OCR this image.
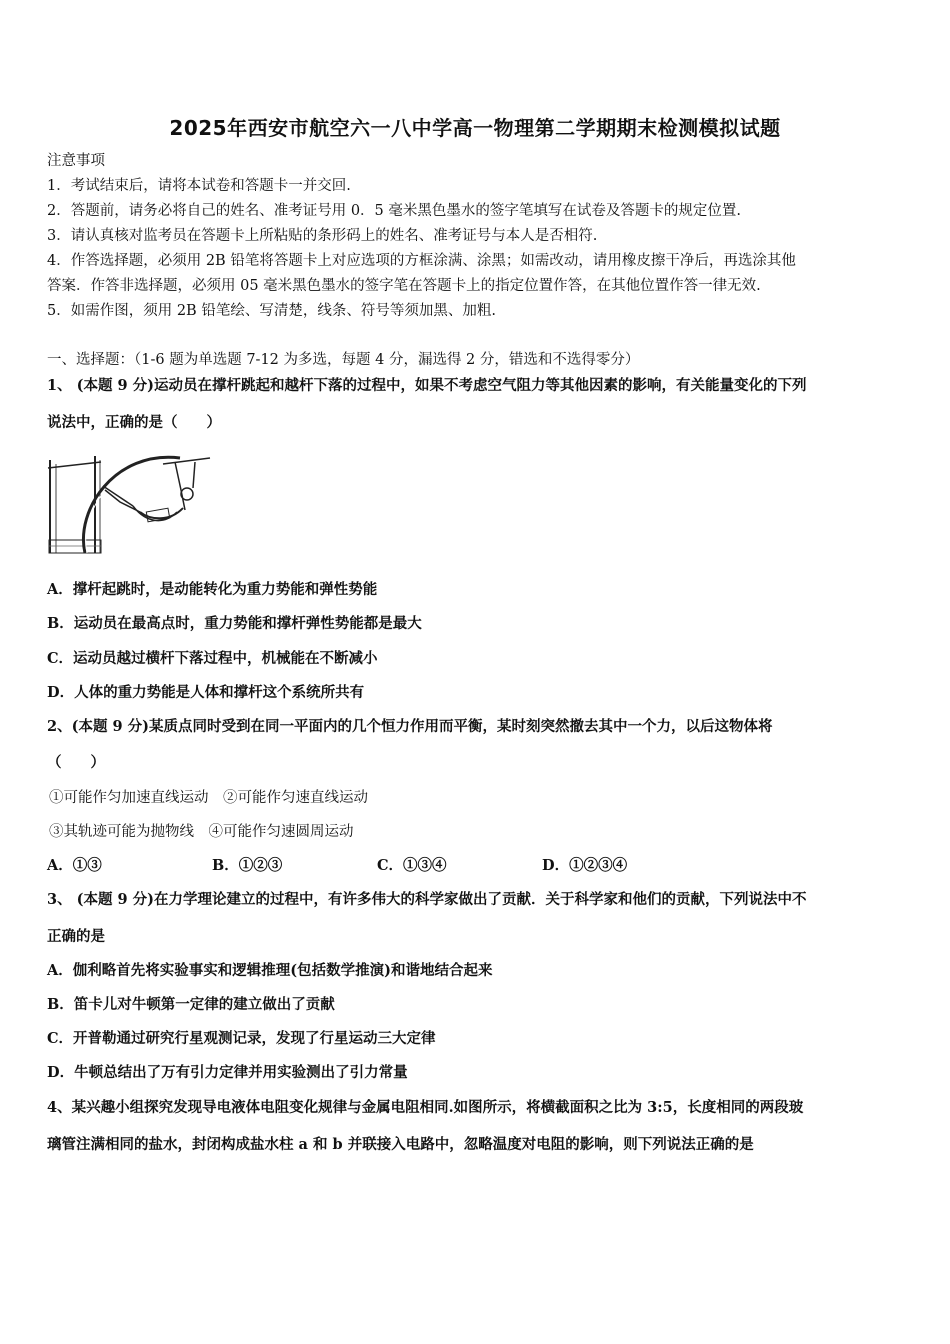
2025年西安市航空六一八中学高一物理第二学期期末检测模拟试题
注意事项
1．考试结束后，请将本试卷和答题卡一并交回.
2．答题前，请务必将自己的姓名、准考证号用 0．5 毫米黑色墨水的签字笔填写在试卷及答题卡的规定位置.
3．请认真核对监考员在答题卡上所粘贴的条形码上的姓名、准考证号与本人是否相符.
4．作答选择题，必须用 2B 铅笔将答题卡上对应选项的方框涂满、涂黑；如需改动，请用橡皮擦干净后，再选涂其他
答案．作答非选择题，必须用 05 毫米黑色墨水的签字笔在答题卡上的指定位置作答，在其他位置作答一律无效.
5．如需作图，须用 2B 铅笔绘、写清楚，线条、符号等须加黑、加粗.
一、选择题：（1-6 题为单选题 7-12 为多选，每题 4 分，漏选得 2 分，错选和不选得零分）
1、 (本题 9 分)运动员在撑杆跳起和越杆下落的过程中，如果不考虑空气阻力等其他因素的影响，有关能量变化的下列
说法中，正确的是（　　）
A．撑杆起跳时，是动能转化为重力势能和弹性势能
B．运动员在最高点时，重力势能和撑杆弹性势能都是最大
C．运动员越过横杆下落过程中，机械能在不断减小
D．人体的重力势能是人体和撑杆这个系统所共有
2、(本题 9 分)某质点同时受到在同一平面内的几个恒力作用而平衡，某时刻突然撤去其中一个力，以后这物体将
（　　）
①可能作匀加速直线运动　②可能作匀速直线运动
③其轨迹可能为抛物线　④可能作匀速圆周运动
A．①③	B．①②③	C．①③④	D．①②③④
3、 (本题 9 分)在力学理论建立的过程中，有许多伟大的科学家做出了贡献．关于科学家和他们的贡献，下列说法中不
正确的是
A．伽利略首先将实验事实和逻辑推理(包括数学推演)和谐地结合起来
B．笛卡儿对牛顿第一定律的建立做出了贡献
C．开普勒通过研究行星观测记录，发现了行星运动三大定律
D．牛顿总结出了万有引力定律并用实验测出了引力常量
4、某兴趣小组探究发现导电液体电阻变化规律与金属电阻相同.如图所示，将横截面积之比为 3:5，长度相同的两段玻
璃管注满相同的盐水，封闭构成盐水柱 a 和 b 并联接入电路中，忽略温度对电阻的影响，则下列说法正确的是
